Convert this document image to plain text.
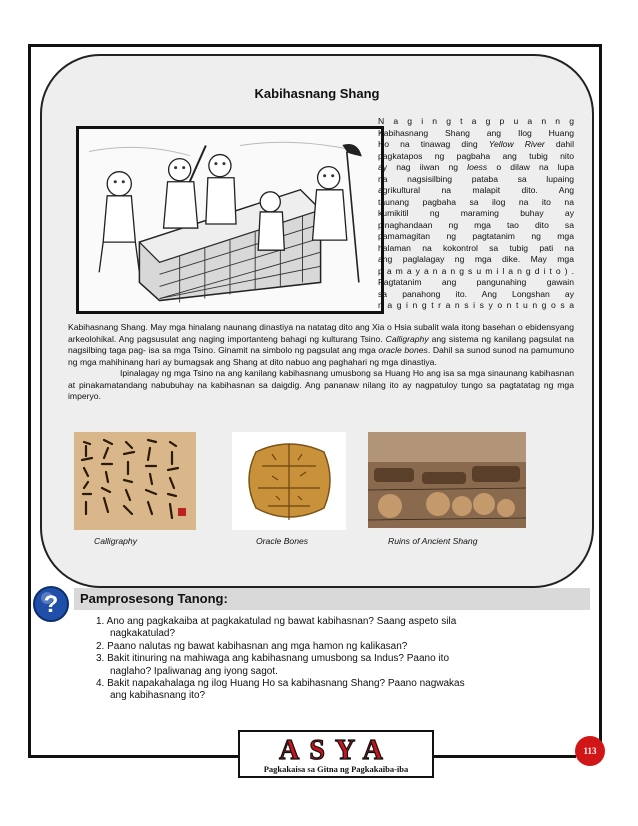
Kabihasnang Shang
N a g i n g t a g p u a n n g
Kabihasnang Shang ang Ilog Huang
Ho na tinawag ding Yellow River dahil
pagkatapos ng pagbaha ang tubig nito
ay nag iiwan ng loess o dilaw na lupa
na nagsisilbing pataba sa lupaing
agrikultural na malapit dito. Ang
taunang pagbaha sa ilog na ito na
kumikitil ng maraming buhay ay
pinaghandaan ng mga tao dito sa
pamamagitan ng pagtatanim ng mga
halaman na kokontrol sa tubig pati na
ang paglalagay ng mga dike. May mga
p a m a y a n a n g s u m i l a n g d i t o ) .
Pagtatanim ang pangunahing gawain
sa panahong ito. Ang Longshan ay
n a g i n g t r a n s i s y o n t u n g o s a

Kabihasnang Shang. May mga hinalang naunang dinastiya na natatag dito ang Xia o Hsia subalit wala itong basehan o ebidensyang arkeolohikal. Ang pagsusulat ang naging importanteng bahagi ng kulturang Tsino. Calligraphy ang sistema ng kanilang pagsulat na nagsilbing taga pag- isa sa mga Tsino. Ginamit na simbolo ng pagsulat ang mga oracle bones. Dahil sa sunod sunod na pamumuno ng mga mahihinang hari ay bumagsak ang Shang at dito nabuo ang paghahari ng mga dinastiya.

Ipinalagay ng mga Tsino na ang kanilang kabihasnang umusbong sa Huang Ho ang isa sa mga sinaunang kabihasnan at pinakamatandang nabubuhay na kabihasnan sa daigdig. Ang pananaw nilang ito ay nagpatuloy tungo sa pagtatatag ng mga imperyo.

Calligraphy	Oracle Bones	Ruins of Ancient Shang
?	Pamprosesong Tanong:
1. Ano ang pagkakaiba at pagkakatulad ng bawat kabihasnan? Saang aspeto sila
nagkakatulad?
2. Paano nalutas ng bawat kabihasnan ang mga hamon ng kalikasan?
3. Bakit itinuring na mahiwaga ang kabihasnang umusbong sa Indus? Paano ito
naglaho? Ipaliwanag ang iyong sagot.
4. Bakit napakahalaga ng ilog Huang Ho sa kabihasnang Shang? Paano nagwakas
ang kabihasnang ito?
ASYA
Pagkakaisa sa Gitna ng Pagkakaiba-iba
113
